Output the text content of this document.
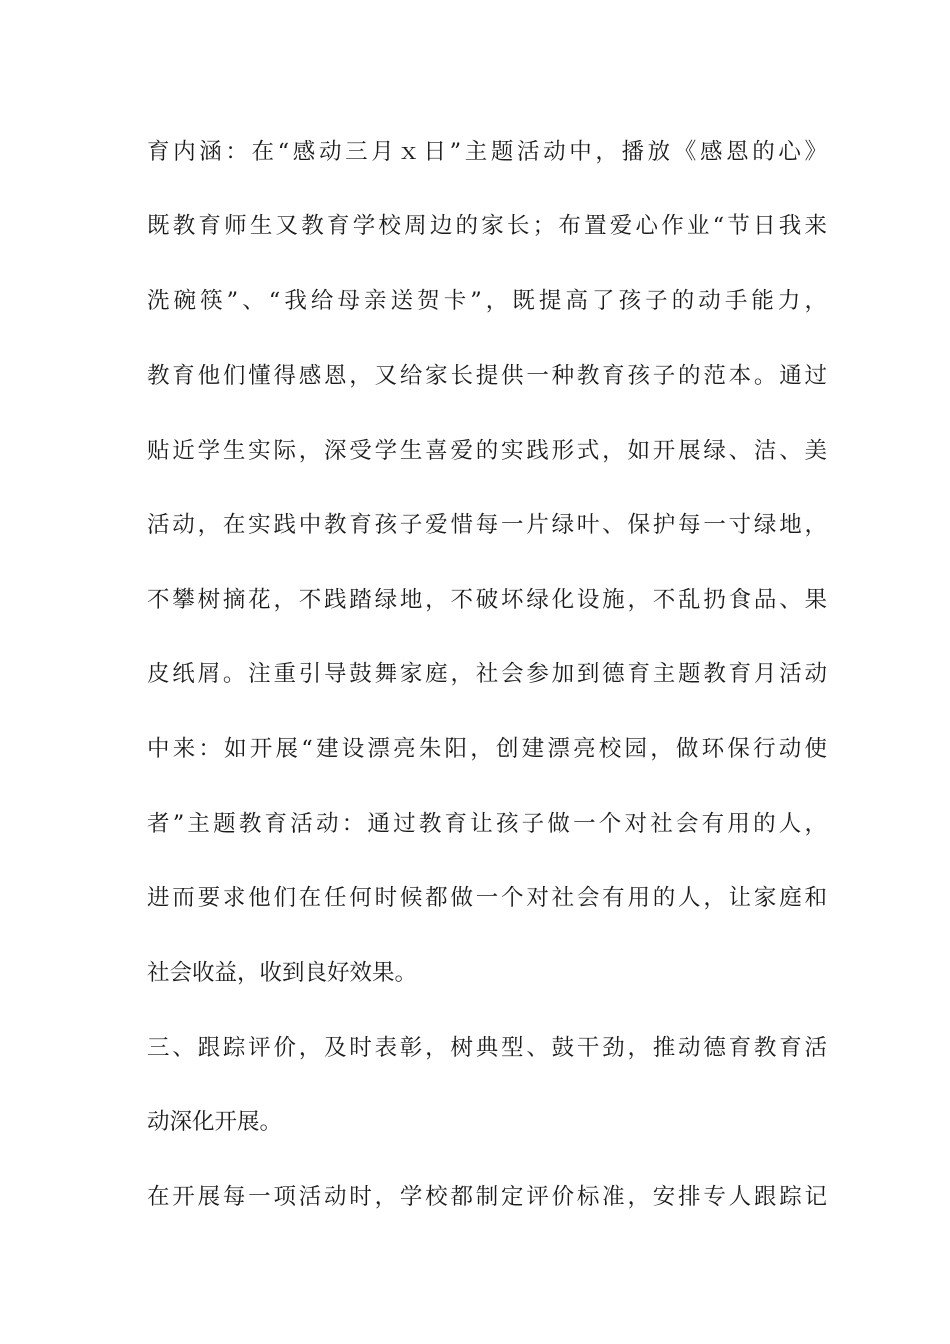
育内涵：在“感动三月ｘ日”主题活动中，播放《感恩的心》
既教育师生又教育学校周边的家长；布置爱心作业“节日我来
洗碗筷”、“我给母亲送贺卡”，既提高了孩子的动手能力，
教育他们懂得感恩，又给家长提供一种教育孩子的范本。通过
贴近学生实际，深受学生喜爱的实践形式，如开展绿、洁、美
活动，在实践中教育孩子爱惜每一片绿叶、保护每一寸绿地，
不攀树摘花，不践踏绿地，不破坏绿化设施，不乱扔食品、果
皮纸屑。注重引导鼓舞家庭，社会参加到德育主题教育月活动
中来：如开展“建设漂亮朱阳，创建漂亮校园，做环保行动使
者”主题教育活动：通过教育让孩子做一个对社会有用的人，
进而要求他们在任何时候都做一个对社会有用的人，让家庭和
社会收益，收到良好效果。
三、跟踪评价，及时表彰，树典型、鼓干劲，推动德育教育活
动深化开展。
在开展每一项活动时，学校都制定评价标准，安排专人跟踪记
